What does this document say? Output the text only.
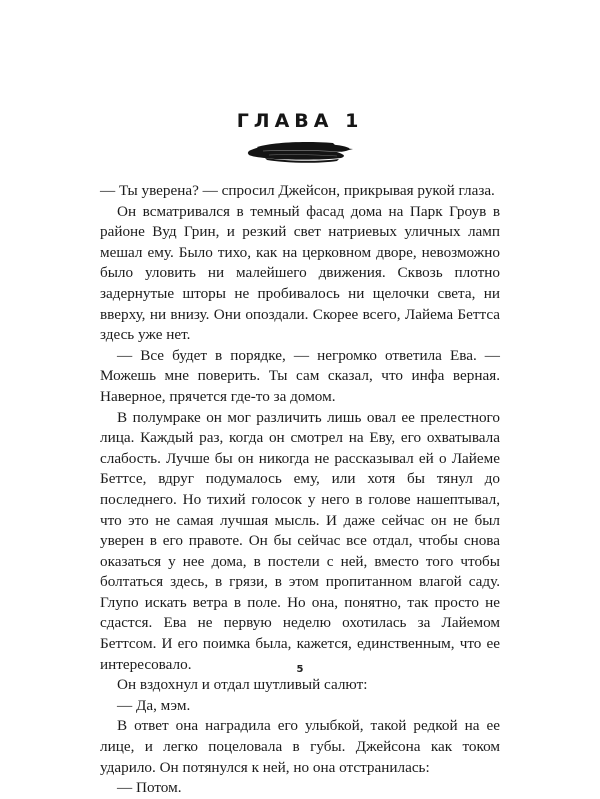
ГЛАВА 1

— Ты уверена? — спросил Джейсон, прикрывая рукой глаза.

Он всматривался в темный фасад дома на Парк Гроув в районе Вуд Грин, и резкий свет натриевых уличных ламп мешал ему. Было тихо, как на церковном дворе, невозможно было уловить ни малейшего движения. Сквозь плотно задернутые шторы не пробивалось ни щелочки света, ни вверху, ни внизу. Они опоздали. Скорее всего, Лайема Беттса здесь уже нет.

— Все будет в порядке, — негромко ответила Ева. — Можешь мне поверить. Ты сам сказал, что инфа верная. Наверное, прячется где-то за домом.

В полумраке он мог различить лишь овал ее прелестного лица. Каждый раз, когда он смотрел на Еву, его охватывала слабость. Лучше бы он никогда не рассказывал ей о Лайеме Беттсе, вдруг подумалось ему, или хотя бы тянул до последнего. Но тихий голосок у него в голове нашептывал, что это не самая лучшая мысль. И даже сейчас он не был уверен в его правоте. Он бы сейчас все отдал, чтобы снова оказаться у нее дома, в постели с ней, вместо того чтобы болтаться здесь, в грязи, в этом пропитанном влагой саду. Глупо искать ветра в поле. Но она, понятно, так просто не сдастся. Ева не первую неделю охотилась за Лайемом Беттсом. И его поимка была, кажется, единственным, что ее интересовало.

Он вздохнул и отдал шутливый салют:

— Да, мэм.

В ответ она наградила его улыбкой, такой редкой на ее лице, и легко поцеловала в губы. Джейсона как током ударило. Он потянулся к ней, но она отстранилась:

— Потом.

5
